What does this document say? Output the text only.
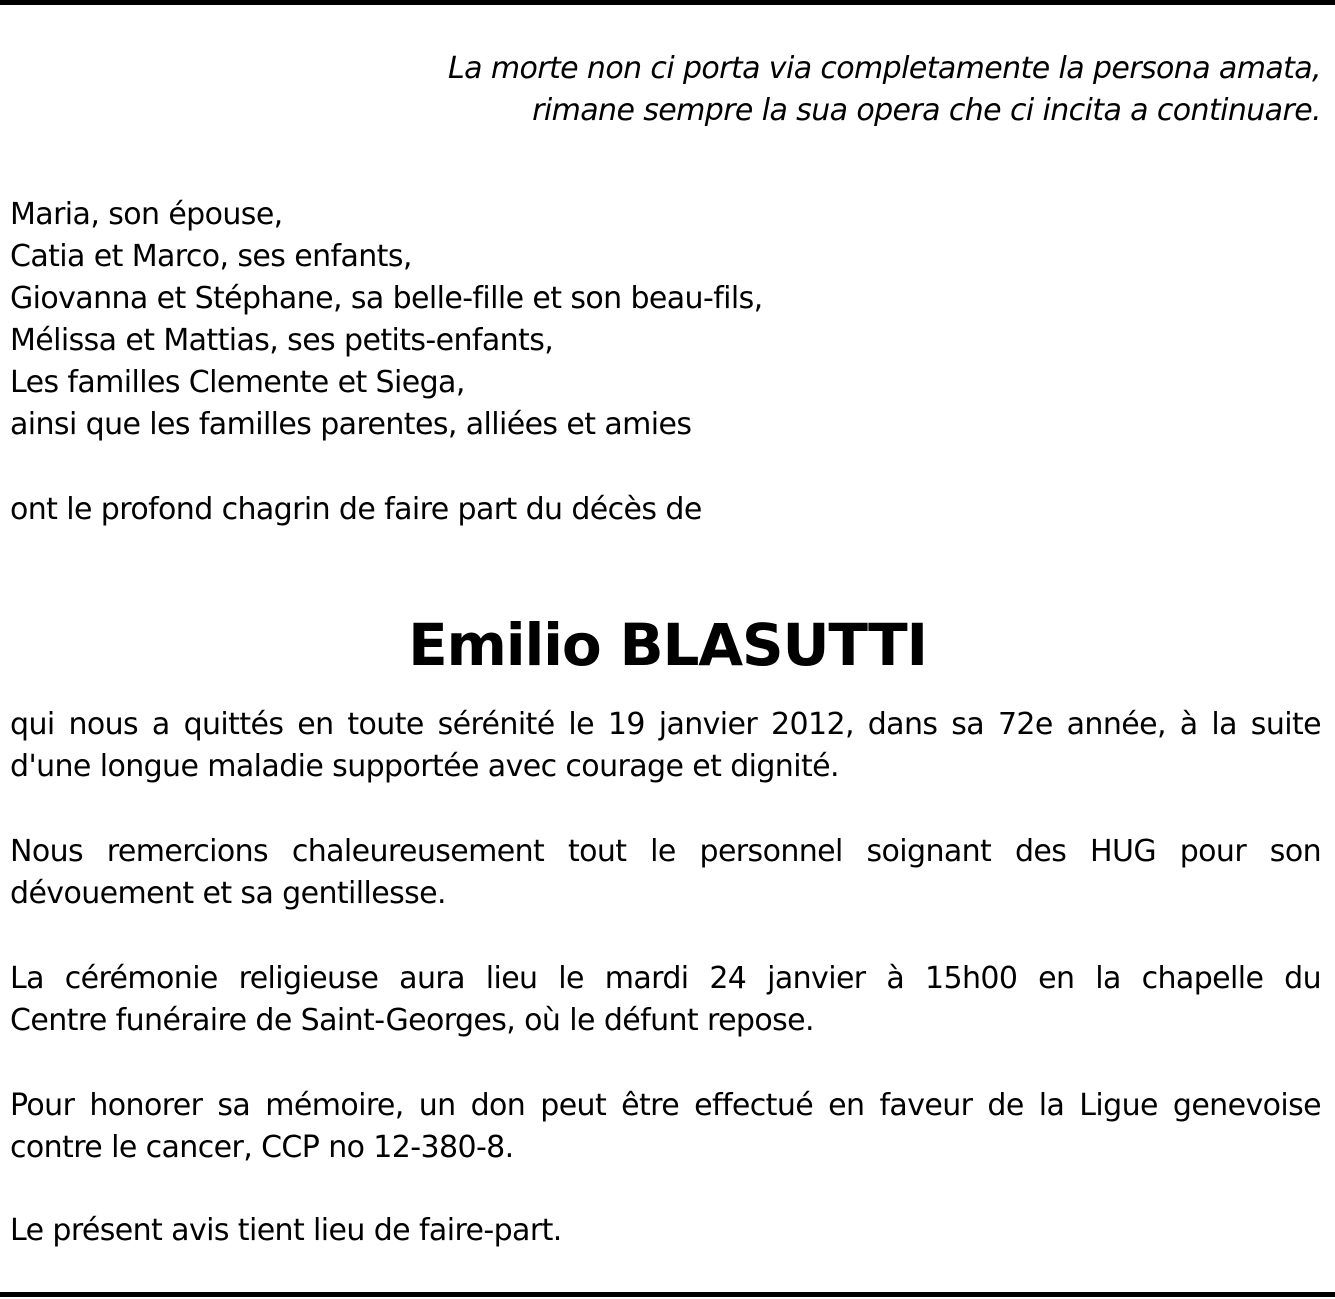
La morte non ci porta via completamente la persona amata,
rimane sempre la sua opera che ci incita a continuare.
Maria, son épouse,
Catia et Marco, ses enfants,
Giovanna et Stéphane, sa belle-fille et son beau-fils,
Mélissa et Mattias, ses petits-enfants,
Les familles Clemente et Siega,
ainsi que les familles parentes, alliées et amies
ont le profond chagrin de faire part du décès de
Emilio BLASUTTI
qui nous a quittés en toute sérénité le 19 janvier 2012, dans sa 72e année, à la suite
d'une longue maladie supportée avec courage et dignité.
Nous remercions chaleureusement tout le personnel soignant des HUG pour son
dévouement et sa gentillesse.
La cérémonie religieuse aura lieu le mardi 24 janvier à 15h00 en la chapelle du
Centre funéraire de Saint-Georges, où le défunt repose.
Pour honorer sa mémoire, un don peut être effectué en faveur de la Ligue genevoise
contre le cancer, CCP no 12-380-8.
Le présent avis tient lieu de faire-part.
